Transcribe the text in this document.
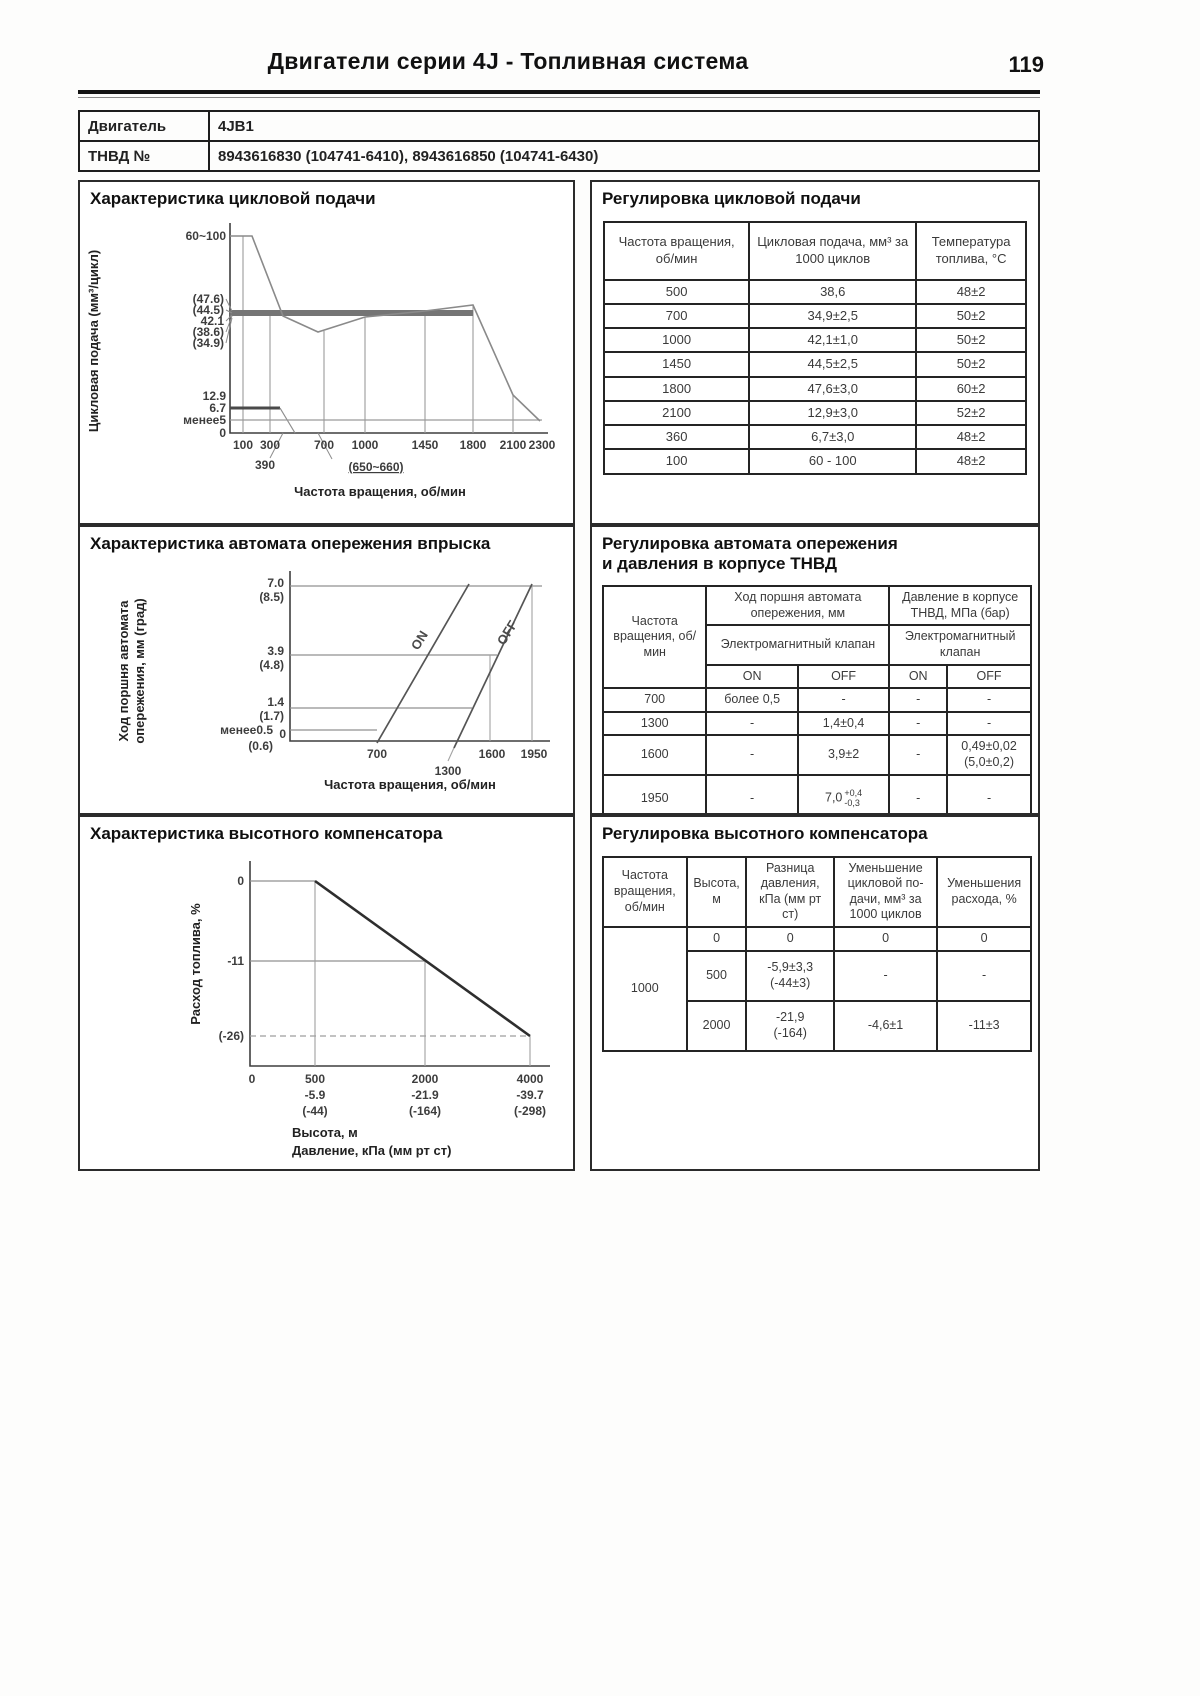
Двигатели серии 4J - Топливная система	119
Двигатель	4JB1
ТНВД №	8943616830 (104741-6410), 8943616850 (104741-6430)
Характеристика цикловой подачи
60~100
(47.6)
(44.5)
42.1
(38.6)
(34.9)
12.9
6.7
менее5
0
100 300	700 1000	1450 1800 2100 2300
390	(650~660)
Частота вращения, об/мин
Цикловая подача (мм³/цикл)
Регулировка цикловой подачи
Частота вращения, об/мин	Цикловая подача, мм³ за 1000 циклов	Температура топлива, °С
500	38,6	48±2
700	34,9±2,5	50±2
1000	42,1±1,0	50±2
1450	44,5±2,5	50±2
1800	47,6±3,0	60±2
2100	12,9±3,0	52±2
360	6,7±3,0	48±2
100	60 - 100	48±2
Характеристика автомата опережения впрыска
ON	OFF
7.0
(8.5)
3.9
(4.8)
1.4
(1.7)
менее0.5
(0.6)
0
700
1300
1600 1950
Частота вращения, об/мин
Ход поршня автомата опережения, мм (град)
Регулировка автомата опережения
и давления в корпусе ТНВД
Частота вращения, об/мин	Ход поршня автомата опережения, мм		Давление в корпусе ТНВД, МПа (бар)	
	Электромагнитный клапан		Электромагнитный клапан	
	ON	OFF	ON	OFF
700	более 0,5	-	-	-
1300	-	1,4±0,4	-	-
1600	-	3,9±2	-	0,49±0,02
(5,0±0,2)
1950	-	7,0 +0,4
-0,3	-	-
Характеристика высотного компенсатора
0
-11
(-26)
0	500
-5.9
(-44)
2000
-21.9
(-164)
4000
-39.7
(-298)
Высота, м
Давление, кПа (мм рт ст)
Расход топлива, %
Регулировка высотного компенсатора
Частота вращения, об/мин	Высота, м	Разница давления, кПа (мм рт ст)	Уменьшение цикловой по- дачи, мм³ за 1000 циклов	Уменьшения расхода, %
1000	0	0	0	0
	500	-5,9±3,3
(-44±3)	-	-
	2000	-21,9
(-164)	-4,6±1	-11±3
